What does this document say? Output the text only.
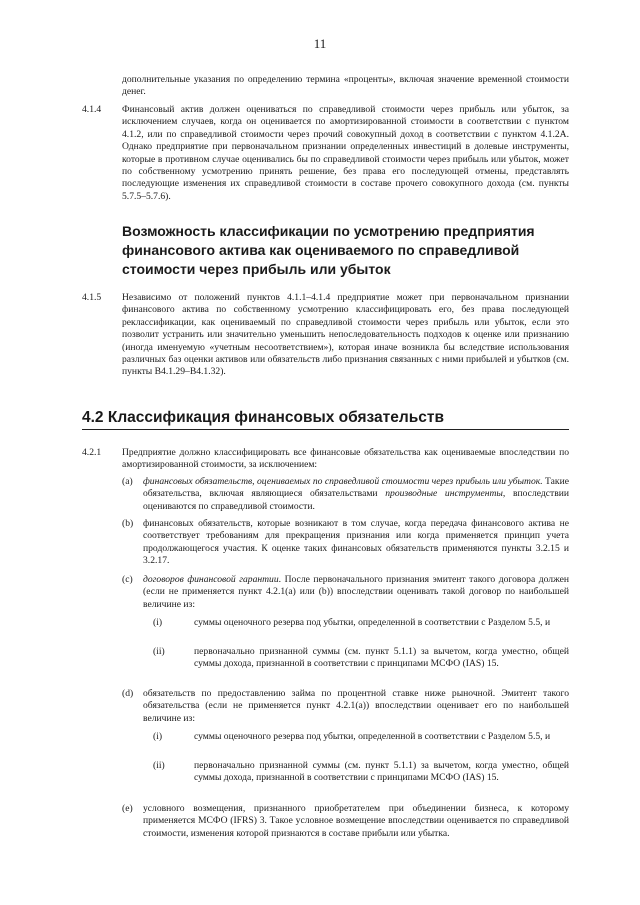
11
дополнительные указания по определению термина «проценты», включая значение временной стоимости денег.
4.1.4 Финансовый актив должен оцениваться по справедливой стоимости через прибыль или убыток, за исключением случаев, когда он оценивается по амортизированной стоимости в соответствии с пунктом 4.1.2, или по справедливой стоимости через прочий совокупный доход в соответствии с пунктом 4.1.2А. Однако предприятие при первоначальном признании определенных инвестиций в долевые инструменты, которые в противном случае оценивались бы по справедливой стоимости через прибыль или убыток, может по собственному усмотрению принять решение, без права его последующей отмены, представлять последующие изменения их справедливой стоимости в составе прочего совокупного дохода (см. пункты 5.7.5–5.7.6).
Возможность классификации по усмотрению предприятия финансового актива как оцениваемого по справедливой стоимости через прибыль или убыток
4.1.5 Независимо от положений пунктов 4.1.1–4.1.4 предприятие может при первоначальном признании финансового актива по собственному усмотрению классифицировать его, без права последующей реклассификации, как оцениваемый по справедливой стоимости через прибыль или убыток, если это позволит устранить или значительно уменьшить непоследовательность подходов к оценке или признанию (иногда именуемую «учетным несоответствием»), которая иначе возникла бы вследствие использования различных баз оценки активов или обязательств либо признания связанных с ними прибылей и убытков (см. пункты B4.1.29–B4.1.32).
4.2 Классификация финансовых обязательств
4.2.1 Предприятие должно классифицировать все финансовые обязательства как оцениваемые впоследствии по амортизированной стоимости, за исключением:
(a) финансовых обязательств, оцениваемых по справедливой стоимости через прибыль или убыток. Такие обязательства, включая являющиеся обязательствами производные инструменты, впоследствии оцениваются по справедливой стоимости.
(b) финансовых обязательств, которые возникают в том случае, когда передача финансового актива не соответствует требованиям для прекращения признания или когда применяется принцип учета продолжающегося участия. К оценке таких финансовых обязательств применяются пункты 3.2.15 и 3.2.17.
(c) договоров финансовой гарантии. После первоначального признания эмитент такого договора должен (если не применяется пункт 4.2.1(a) или (b)) впоследствии оценивать такой договор по наибольшей величине из:
(i)	суммы оценочного резерва под убытки, определенной в соответствии с Разделом 5.5, и
(ii)	первоначально признанной суммы (см. пункт 5.1.1) за вычетом, когда уместно, общей суммы дохода, признанной в соответствии с принципами МСФО (IAS) 15.
(d) обязательств по предоставлению займа по процентной ставке ниже рыночной. Эмитент такого обязательства (если не применяется пункт 4.2.1(a)) впоследствии оценивает его по наибольшей величине из:
(i)	суммы оценочного резерва под убытки, определенной в соответствии с Разделом 5.5, и
(ii)	первоначально признанной суммы (см. пункт 5.1.1) за вычетом, когда уместно, общей суммы дохода, признанной в соответствии с принципами МСФО (IAS) 15.
(e) условного возмещения, признанного приобретателем при объединении бизнеса, к которому применяется МСФО (IFRS) 3. Такое условное возмещение впоследствии оценивается по справедливой стоимости, изменения которой признаются в составе прибыли или убытка.
